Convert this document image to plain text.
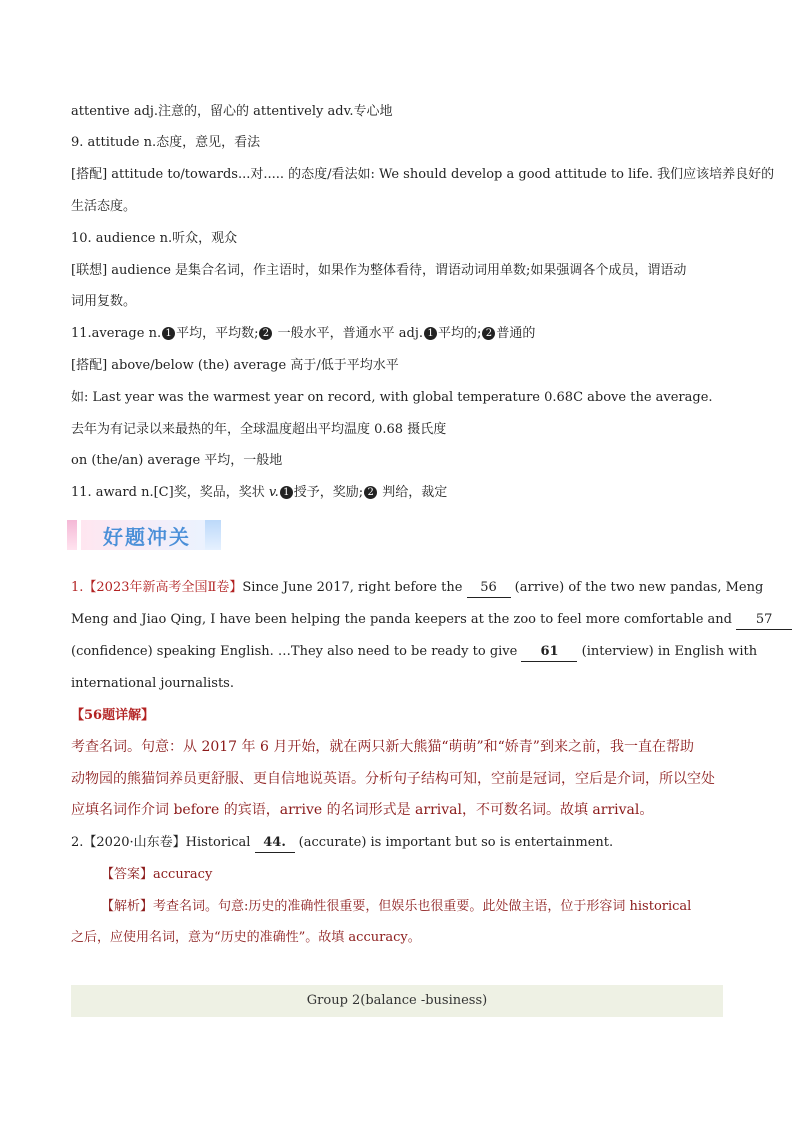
attentive adj.注意的，留心的 attentively adv.专心地
9. attitude n.态度，意见，看法
[搭配] attitude to/towards...对..... 的态度/看法如: We should develop a good attitude to life. 我们应该培养良好的
生活态度。
10. audience n.听众，观众
[联想] audience 是集合名词，作主语时，如果作为整体看待，谓语动词用单数;如果强调各个成员，谓语动
词用复数。
11.average n. 1 平均，平均数; 2 一般水平，普通水平 adj. 1 平均的; 2 普通的
[搭配] above/below (the) average 高于/低于平均水平
如: Last year was the warmest year on record, with global temperature 0.68C above the average.
去年为有记录以来最热的年，全球温度超出平均温度 0.68 摄氏度
on (the/an) average 平均，一般地
11. award n.[C]奖，奖品，奖状 v. 1 授予，奖励; 2 判给，裁定
好题冲关
1.【2023年新高考全国Ⅱ卷】Since June 2017, right before the 56 (arrive) of the two new pandas, Meng
Meng and Jiao Qing, I have been helping the panda keepers at the zoo to feel more comfortable and 57
(confidence) speaking English. …They also need to be ready to give 61 (interview) in English with
international journalists.
【56题详解】
考查名词。句意：从 2017 年 6 月开始，就在两只新大熊猫“萌萌”和“娇青”到来之前，我一直在帮助
动物园的熊猫饲养员更舒服、更自信地说英语。分析句子结构可知，空前是冠词，空后是介词，所以空处
应填名词作介词 before 的宾语，arrive 的名词形式是 arrival，不可数名词。故填 arrival。
2.【2020·山东卷】Historical 44. (accurate) is important but so is entertainment.
【答案】accuracy
【解析】考查名词。句意:历史的准确性很重要，但娱乐也很重要。此处做主语，位于形容词 historical
之后，应使用名词，意为“历史的准确性”。故填 accuracy。
Group 2(balance -business)
